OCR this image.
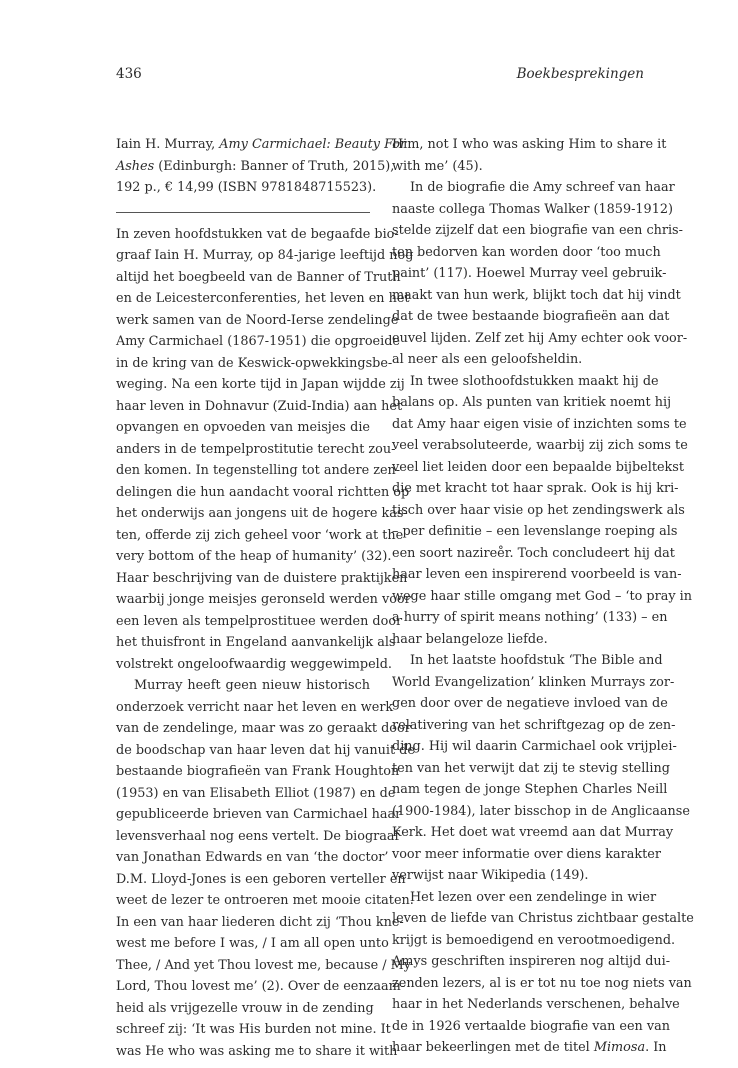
436	Boekbesprekingen
Iain H. Murray, Amy Carmichael: Beauty For
Ashes (Edinburgh: Banner of Truth, 2015),
192 p., € 14,99 (ISBN 9781848715523).
In zeven hoofdstukken vat de begaafde bio-
graaf Iain H. Murray, op 84-jarige leeftijd nog
altijd het boegbeeld van de Banner of Truth
en de Leicesterconferenties, het leven en het
werk samen van de Noord-Ierse zendelinge
Amy Carmichael (1867-1951) die opgroeide
in de kring van de Keswick-opwekkingsbe-
weging. Na een korte tijd in Japan wijdde zij
haar leven in Dohnavur (Zuid-India) aan het
opvangen en opvoeden van meisjes die
anders in de tempelprostitutie terecht zou-
den komen. In tegenstelling tot andere zen-
delingen die hun aandacht vooral richtten op
het onderwijs aan jongens uit de hogere kas-
ten, offerde zij zich geheel voor ‘work at the
very bottom of the heap of humanity’ (32).
Haar beschrijving van de duistere praktijken
waarbij jonge meisjes geronseld werden voor
een leven als tempelprostituee werden door
het thuisfront in Engeland aanvankelijk als
volstrekt ongeloofwaardig weggewimpeld.
Murray heeft geen nieuw historisch
onderzoek verricht naar het leven en werk
van de zendelinge, maar was zo geraakt door
de boodschap van haar leven dat hij vanuit de
bestaande biografieën van Frank Houghton
(1953) en van Elisabeth Elliot (1987) en de
gepubliceerde brieven van Carmichael haar
levensverhaal nog eens vertelt. De biograaf
van Jonathan Edwards en van ‘the doctor’
D.M. Lloyd-Jones is een geboren verteller en
weet de lezer te ontroeren met mooie citaten.
In een van haar liederen dicht zij ‘Thou kne-
west me before I was, / I am all open unto
Thee, / And yet Thou lovest me, because / My
Lord, Thou lovest me’ (2). Over de eenzaam-
heid als vrijgezelle vrouw in de zending
schreef zij: ‘It was His burden not mine. It
was He who was asking me to share it with
Him, not I who was asking Him to share it
with me’ (45).
In de biografie die Amy schreef van haar
naaste collega Thomas Walker (1859-1912)
stelde zijzelf dat een biografie van een chris-
ten bedorven kan worden door ‘too much
paint’ (117). Hoewel Murray veel gebruik-
maakt van hun werk, blijkt toch dat hij vindt
dat de twee bestaande biografieën aan dat
euvel lijden. Zelf zet hij Amy echter ook voor-
al neer als een geloofsheldin.
In twee slothoofdstukken maakt hij de
balans op. Als punten van kritiek noemt hij
dat Amy haar eigen visie of inzichten soms te
veel verabsoluteerde, waarbij zij zich soms te
veel liet leiden door een bepaalde bijbeltekst
die met kracht tot haar sprak. Ook is hij kri-
tisch over haar visie op het zendingswerk als
– per definitie – een levenslange roeping als
een soort naziree̊r. Toch concludeert hij dat
haar leven een inspirerend voorbeeld is van-
wege haar stille omgang met God – ‘to pray in
a hurry of spirit means nothing’ (133) – en
haar belangeloze liefde.
In het laatste hoofdstuk ‘The Bible and
World Evangelization’ klinken Murrays zor-
gen door over de negatieve invloed van de
relativering van het schriftgezag op de zen-
ding. Hij wil daarin Carmichael ook vrijplei-
ten van het verwijt dat zij te stevig stelling
nam tegen de jonge Stephen Charles Neill
(1900-1984), later bisschop in de Anglicaanse
Kerk. Het doet wat vreemd aan dat Murray
voor meer informatie over diens karakter
verwijst naar Wikipedia (149).
Het lezen over een zendelinge in wier
leven de liefde van Christus zichtbaar gestalte
krijgt is bemoedigend en verootmoedigend.
Amys geschriften inspireren nog altijd dui-
zenden lezers, al is er tot nu toe nog niets van
haar in het Nederlands verschenen, behalve
de in 1926 vertaalde biografie van een van
haar bekeerlingen met de titel Mimosa. In
